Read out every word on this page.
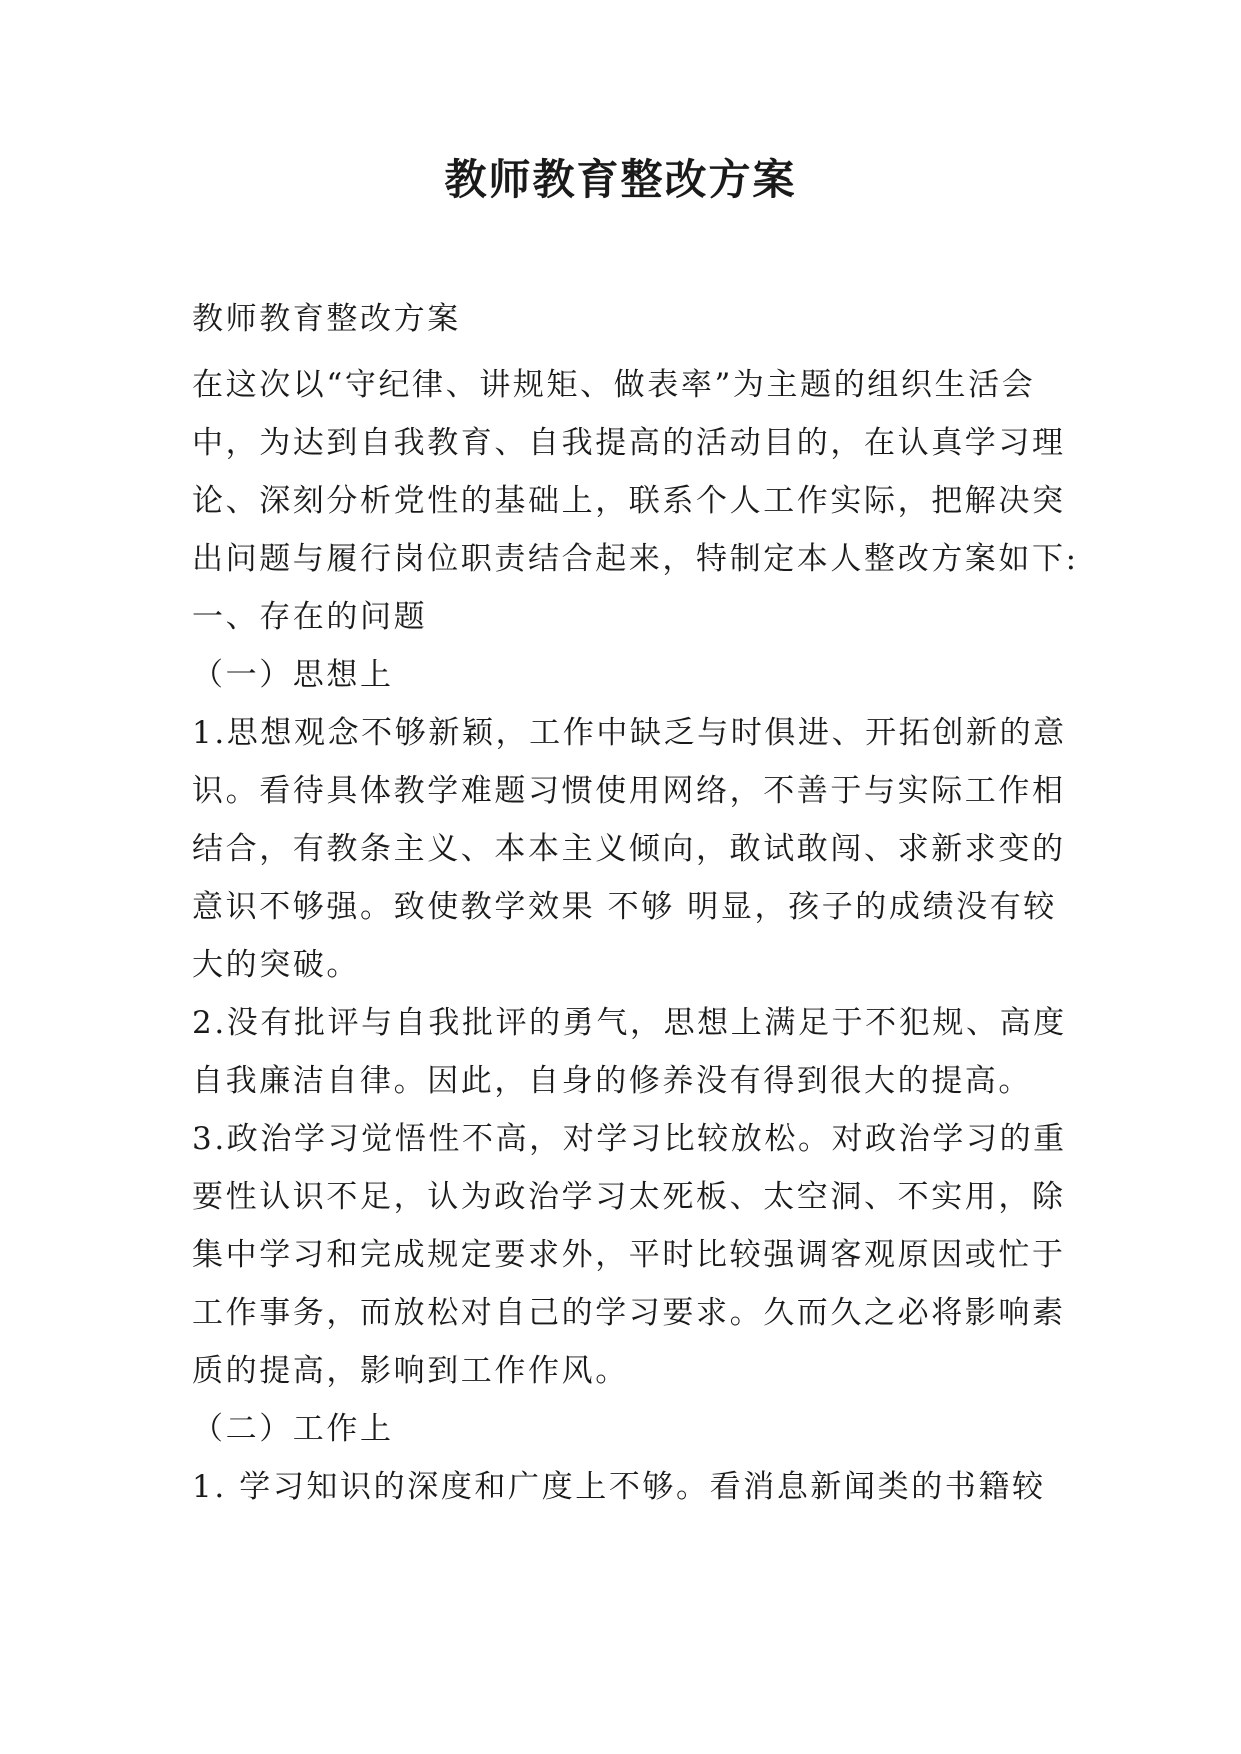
教师教育整改方案

教师教育整改方案

在这次以“守纪律、讲规矩、做表率”为主题的组织生活会
中，为达到自我教育、自我提高的活动目的，在认真学习理
论、深刻分析党性的基础上，联系个人工作实际，把解决突
出问题与履行岗位职责结合起来，特制定本人整改方案如下:
一、存在的问题
（一）思想上
1.思想观念不够新颖，工作中缺乏与时俱进、开拓创新的意
识。看待具体教学难题习惯使用网络，不善于与实际工作相
结合，有教条主义、本本主义倾向，敢试敢闯、求新求变的
意识不够强。致使教学效果 不够 明显，孩子的成绩没有较
大的突破。
2.没有批评与自我批评的勇气，思想上满足于不犯规、高度
自我廉洁自律。因此，自身的修养没有得到很大的提高。
3.政治学习觉悟性不高，对学习比较放松。对政治学习的重
要性认识不足，认为政治学习太死板、太空洞、不实用，除
集中学习和完成规定要求外，平时比较强调客观原因或忙于
工作事务，而放松对自己的学习要求。久而久之必将影响素
质的提高，影响到工作作风。
（二）工作上
1. 学习知识的深度和广度上不够。看消息新闻类的书籍较
